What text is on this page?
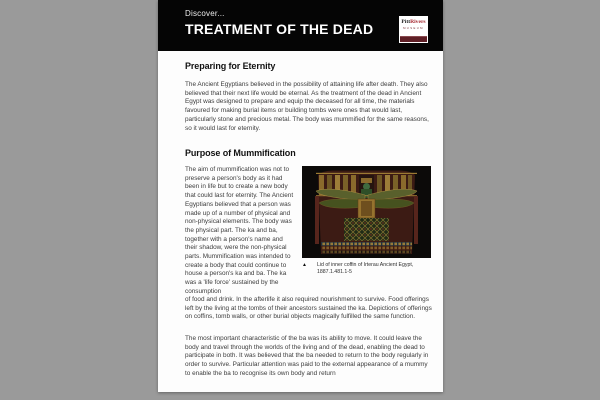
Discover...
TREATMENT OF THE DEAD	PittRivers
MUSEUM
Preparing for Eternity

The Ancient Egyptians believed in the possibility of attaining life after death. They also believed that their next life would be eternal. As the treatment of the dead in Ancient Egypt was designed to prepare and equip the deceased for all time, the materials favoured for making burial items or building tombs were ones that would last, particularly stone and precious metal. The body was mummified for the same reasons, so it would last for eternity.

Purpose of Mummification
The aim of mummification was not to preserve a person's body as it had been in life but to create a new body that could last for eternity. The Ancient Egyptians believed that a person was made up of a number of physical and non-physical elements. The body was the physical part. The ka and ba, together with a person's name and their shadow, were the non-physical parts. Mummification was intended to create a body that could continue to house a person's ka and ba. The ka was a 'life force' sustained by the consumption
▲	Lid of inner coffin of Irterau Ancient Egypt, 1887.1.481.1-5

of food and drink. In the afterlife it also required nourishment to survive. Food offerings left by the living at the tombs of their ancestors sustained the ka. Depictions of offerings on coffins, tomb walls, or other burial objects magically fulfilled the same function.

The most important characteristic of the ba was its ability to move. It could leave the body and travel through the worlds of the living and of the dead, enabling the dead to participate in both. It was believed that the ba needed to return to the body regularly in order to survive. Particular attention was paid to the external appearance of a mummy to enable the ba to recognise its own body and return
